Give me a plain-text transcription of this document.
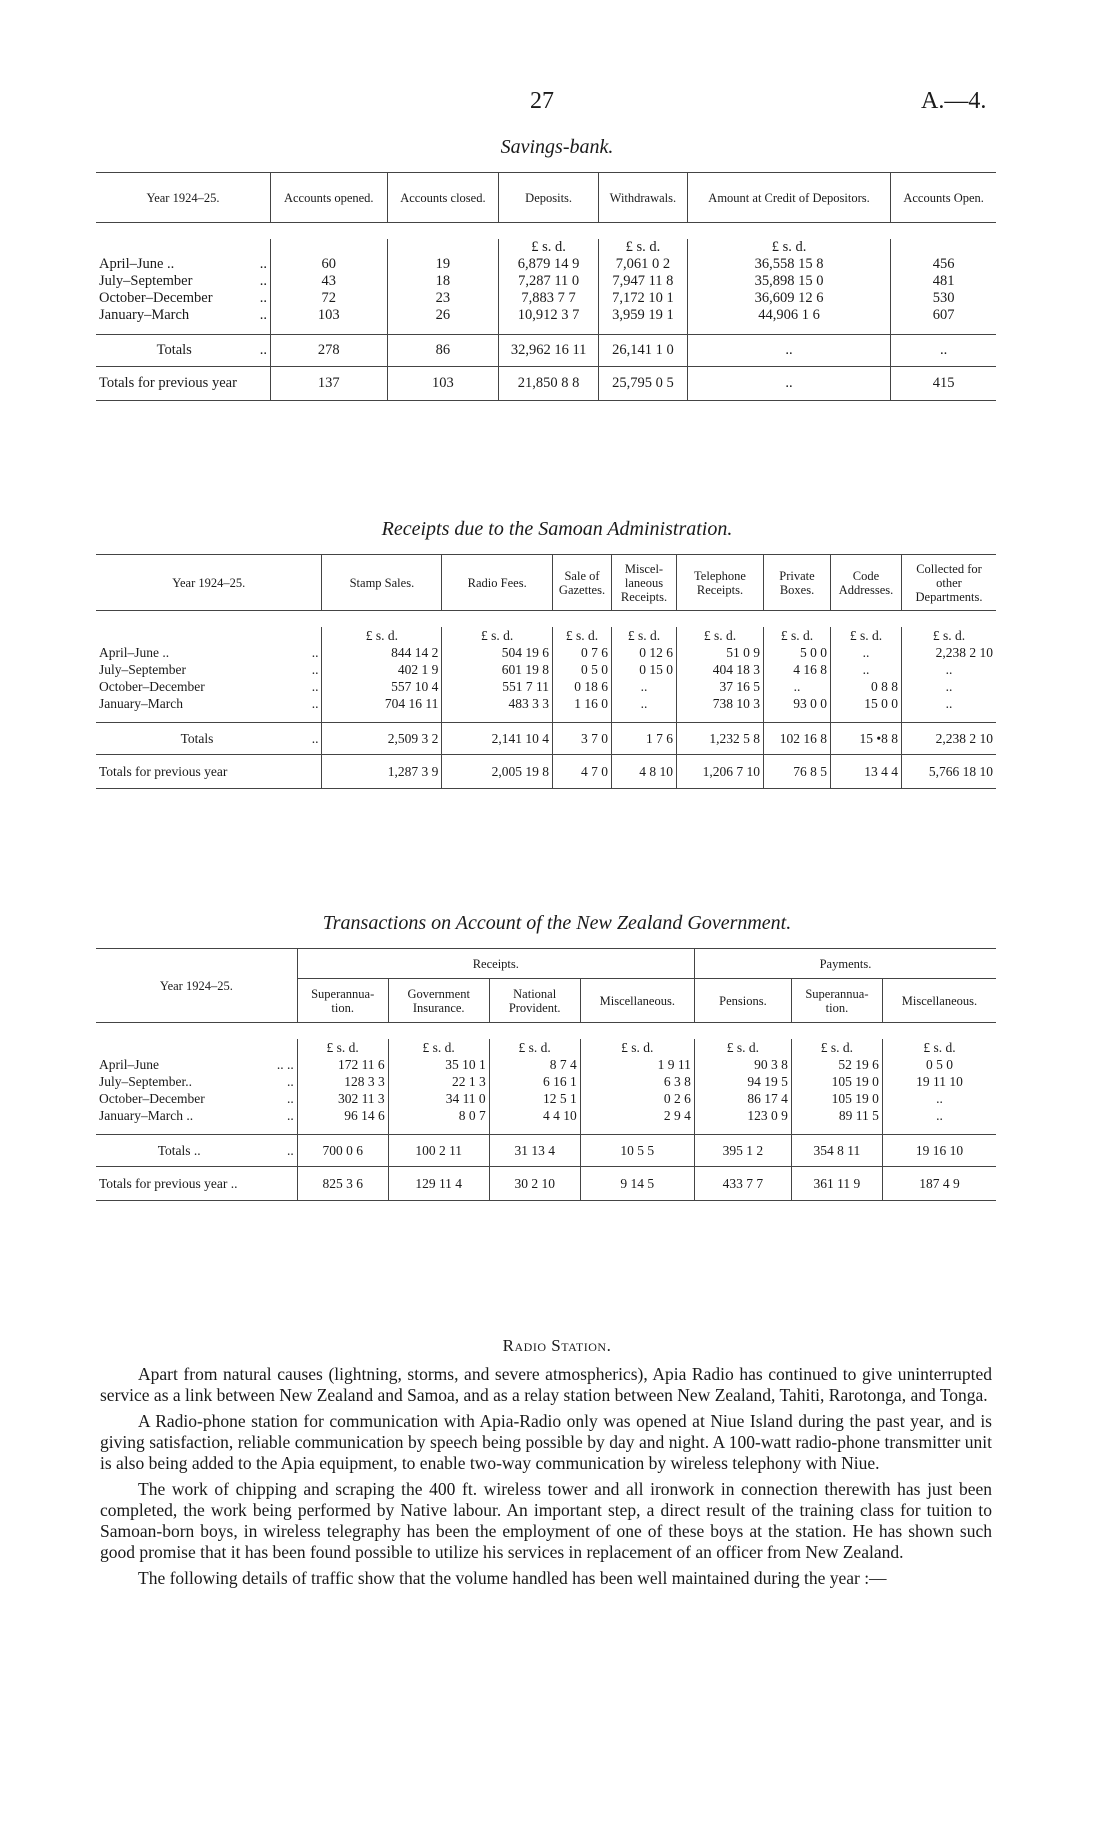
27	A.—4.
Savings-bank.
Year 1924–25.		Accounts opened.	Accounts closed.	Deposits.	Withdrawals.	Amount at Credit of Depositors.	Accounts Open.

				£ s. d.	£ s. d.	£ s. d.	
April–June ..	..	60	19	6,879 14 9	7,061 0 2	36,558 15 8	456
July–September	..	43	18	7,287 11 0	7,947 11 8	35,898 15 0	481
October–December	..	72	23	7,883 7 7	7,172 10 1	36,609 12 6	530
January–March	..	103	26	10,912 3 7	3,959 19 1	44,906 1 6	607

Totals	..	278	86	32,962 16 11	26,141 1 0	..	..
Totals for previous year		137	103	21,850 8 8	25,795 0 5	..	415
Receipts due to the Samoan Administration.
Year 1924–25.		Stamp Sales.	Radio Fees.	Sale of Gazettes.	Miscel-laneous Receipts.	Telephone Receipts.	Private Boxes.	Code Addresses.	Collected for other Departments.

		£ s. d.	£ s. d.	£ s. d.	£ s. d.	£ s. d.	£ s. d.	£ s. d.	£ s. d.
April–June ..	..	844 14 2	504 19 6	0 7 6	0 12 6	51 0 9	5 0 0	..	2,238 2 10
July–September	..	402 1 9	601 19 8	0 5 0	0 15 0	404 18 3	4 16 8	..	..
October–December	..	557 10 4	551 7 11	0 18 6	..	37 16 5	..	0 8 8	..
January–March	..	704 16 11	483 3 3	1 16 0	..	738 10 3	93 0 0	15 0 0	..

Totals	..	2,509 3 2	2,141 10 4	3 7 0	1 7 6	1,232 5 8	102 16 8	15 •8 8	2,238 2 10
Totals for previous year		1,287 3 9	2,005 19 8	4 7 0	4 8 10	1,206 7 10	76 8 5	13 4 4	5,766 18 10
Transactions on Account of the New Zealand Government.
Year 1924–25.		Receipts.				Payments.		
		Superannua-tion.	Government Insurance.	National Provident.	Miscellaneous.	Pensions.	Superannua-tion.	Miscellaneous.

		£ s. d.	£ s. d.	£ s. d.	£ s. d.	£ s. d.	£ s. d.	£ s. d.
April–June	.. ..	172 11 6	35 10 1	8 7 4	1 9 11	90 3 8	52 19 6	0 5 0
July–September..	..	128 3 3	22 1 3	6 16 1	6 3 8	94 19 5	105 19 0	19 11 10
October–December	..	302 11 3	34 11 0	12 5 1	0 2 6	86 17 4	105 19 0	..
January–March ..	..	96 14 6	8 0 7	4 4 10	2 9 4	123 0 9	89 11 5	..

Totals ..	..	700 0 6	100 2 11	31 13 4	10 5 5	395 1 2	354 8 11	19 16 10
Totals for previous year ..		825 3 6	129 11 4	30 2 10	9 14 5	433 7 7	361 11 9	187 4 9
Radio Station.

Apart from natural causes (lightning, storms, and severe atmospherics), Apia Radio has continued to give uninterrupted service as a link between New Zealand and Samoa, and as a relay station between New Zealand, Tahiti, Rarotonga, and Tonga.

A Radio-phone station for communication with Apia-Radio only was opened at Niue Island during the past year, and is giving satisfaction, reliable communication by speech being possible by day and night. A 100-watt radio-phone transmitter unit is also being added to the Apia equipment, to enable two-way communication by wireless telephony with Niue.

The work of chipping and scraping the 400 ft. wireless tower and all ironwork in connection therewith has just been completed, the work being performed by Native labour. An important step, a direct result of the training class for tuition to Samoan-born boys, in wireless telegraphy has been the employment of one of these boys at the station. He has shown such good promise that it has been found possible to utilize his services in replacement of an officer from New Zealand.

The following details of traffic show that the volume handled has been well maintained during the year :—
